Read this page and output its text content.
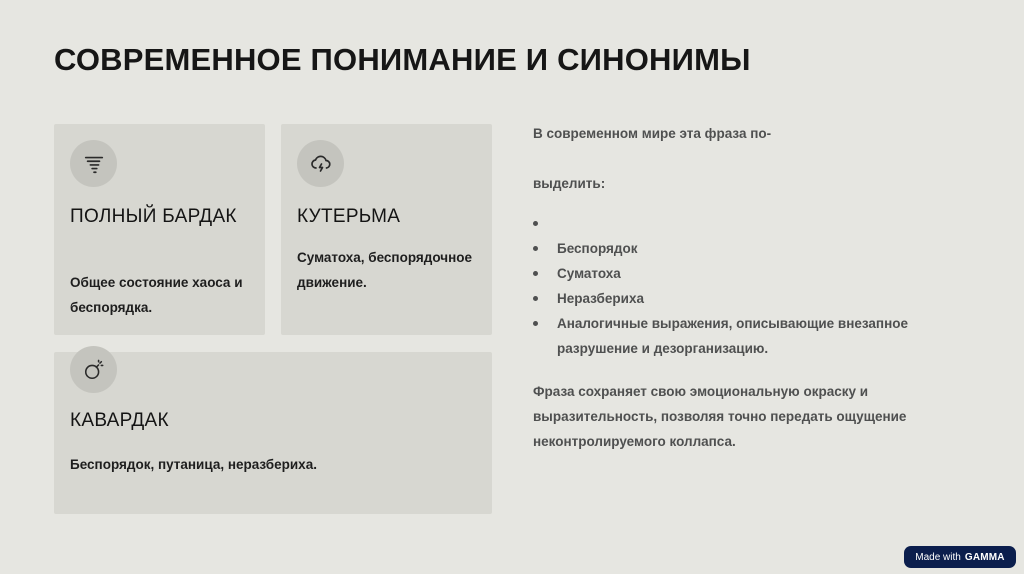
СОВРЕМЕННОЕ ПОНИМАНИЕ И СИНОНИМЫ
ПОЛНЫЙ БАРДАК

Общее состояние хаоса и беспорядка.

КУТЕРЬМА

Суматоха, беспорядочное движение.

КАВАРДАК

Беспорядок, путаница, неразбериха.

В современном мире эта фраза по-

выделить:

Беспорядок
Суматоха
Неразбериха
Аналогичные выражения, описывающие внезапное разрушение и дезорганизацию.

Фраза сохраняет свою эмоциональную окраску и выразительность, позволяя точно передать ощущение неконтролируемого коллапса.

Made with GAMMA
